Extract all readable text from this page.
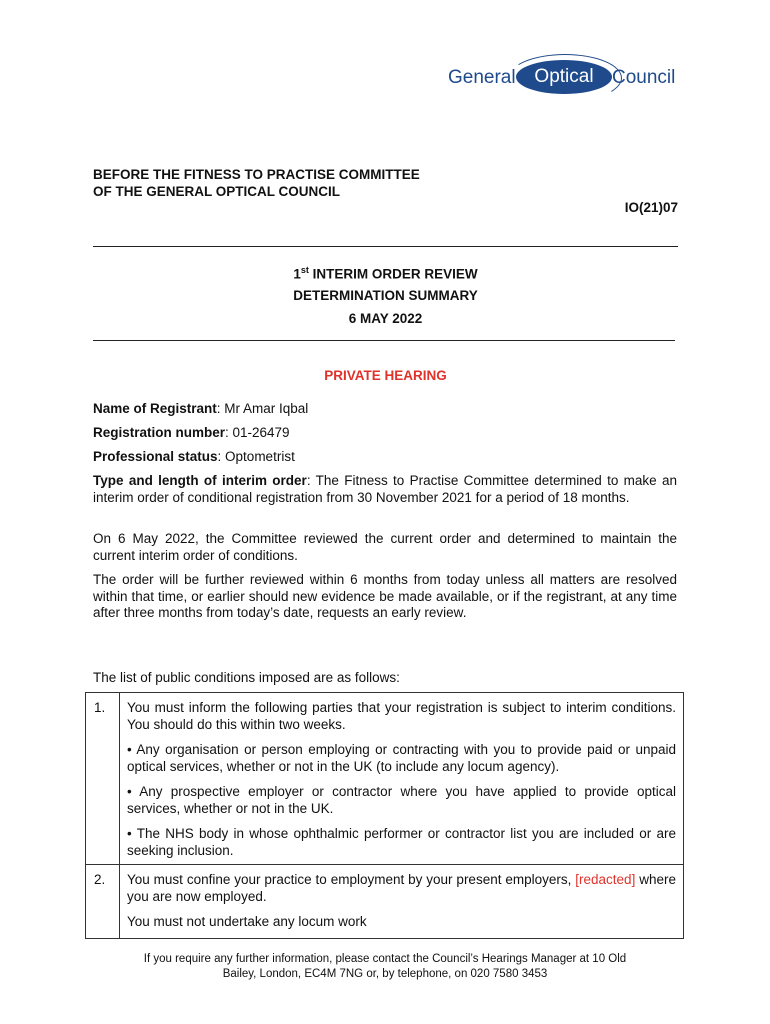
General Optical Council
BEFORE THE FITNESS TO PRACTISE COMMITTEE
OF THE GENERAL OPTICAL COUNCIL
IO(21)07
1st INTERIM ORDER REVIEW
DETERMINATION SUMMARY
6 MAY 2022
PRIVATE HEARING
Name of Registrant: Mr Amar Iqbal
Registration number: 01-26479
Professional status: Optometrist
Type and length of interim order: The Fitness to Practise Committee determined to make an interim order of conditional registration from 30 November 2021 for a period of 18 months.
On 6 May 2022, the Committee reviewed the current order and determined to maintain the current interim order of conditions.
The order will be further reviewed within 6 months from today unless all matters are resolved within that time, or earlier should new evidence be made available, or if the registrant, at any time after three months from today’s date, requests an early review.
The list of public conditions imposed are as follows:
1.	You must inform the following parties that your registration is subject to interim conditions. You should do this within two weeks.

• Any organisation or person employing or contracting with you to provide paid or unpaid optical services, whether or not in the UK (to include any locum agency).

• Any prospective employer or contractor where you have applied to provide optical services, whether or not in the UK.

• The NHS body in whose ophthalmic performer or contractor list you are included or are seeking inclusion.

2.	You must confine your practice to employment by your present employers, [redacted] where you are now employed.

You must not undertake any locum work

If you require any further information, please contact the Council’s Hearings Manager at 10 Old
Bailey, London, EC4M 7NG or, by telephone, on 020 7580 3453
